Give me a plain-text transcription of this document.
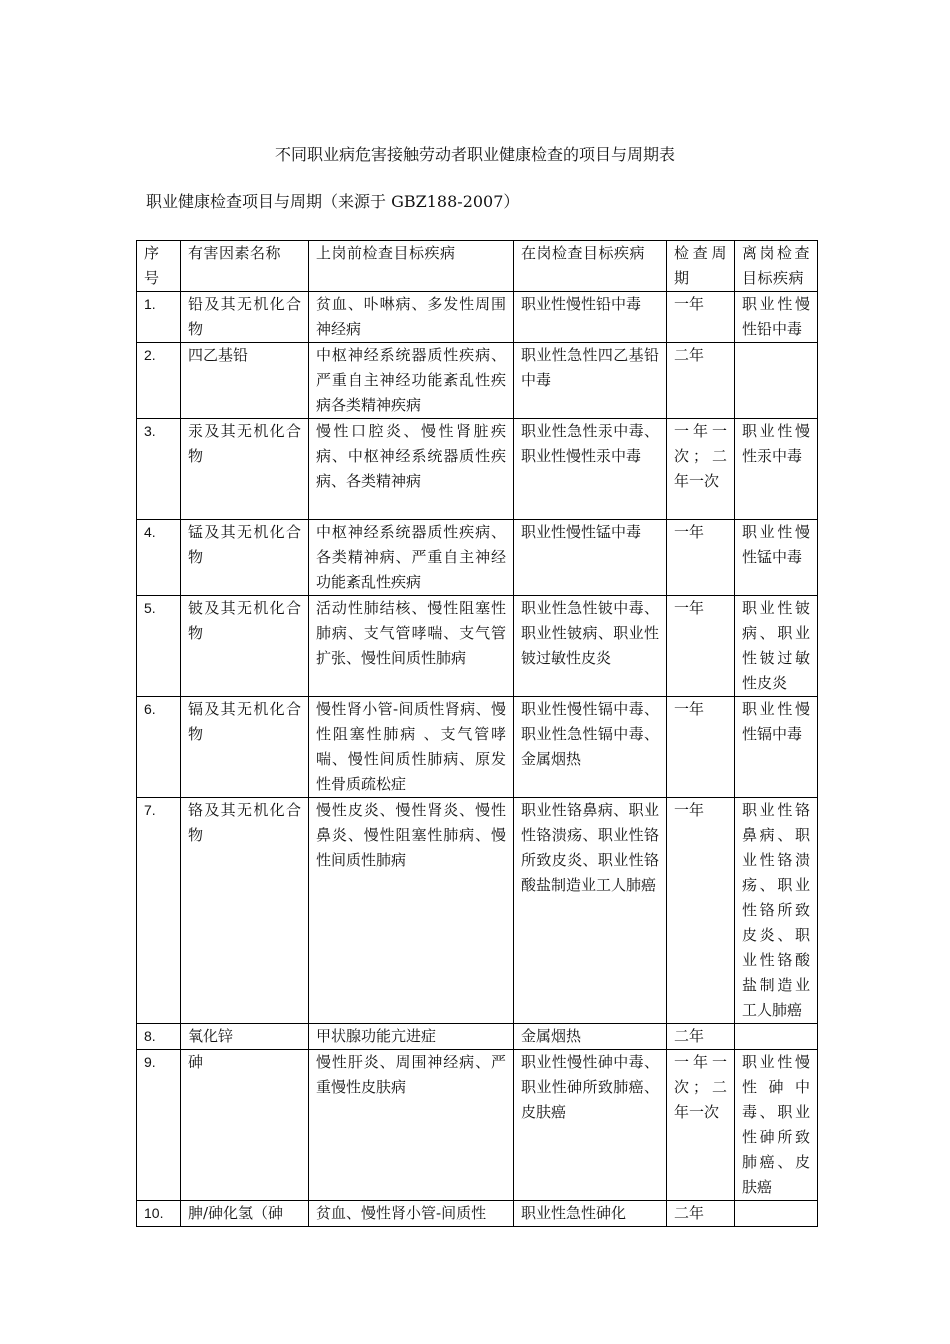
不同职业病危害接触劳动者职业健康检查的项目与周期表
职业健康检查项目与周期（来源于 GBZ188-2007）
序号	有害因素名称	上岗前检查目标疾病	在岗检查目标疾病	检查周期	离岗检查目标疾病
1.	铅及其无机化合物	贫血、卟啉病、多发性周围神经病	职业性慢性铅中毒	一年	职业性慢性铅中毒
2.	四乙基铅	中枢神经系统器质性疾病、严重自主神经功能紊乱性疾病各类精神疾病	职业性急性四乙基铅中毒	二年	
3.	汞及其无机化合物	慢性口腔炎、慢性肾脏疾病、中枢神经系统器质性疾病、各类精神病	职业性急性汞中毒、职业性慢性汞中毒	一年一次；二年一次	职业性慢性汞中毒
4.	锰及其无机化合物	中枢神经系统器质性疾病、各类精神病、严重自主神经功能紊乱性疾病	职业性慢性锰中毒	一年	职业性慢性锰中毒
5.	铍及其无机化合物	活动性肺结核、慢性阻塞性肺病、支气管哮喘、支气管扩张、慢性间质性肺病	职业性急性铍中毒、职业性铍病、职业性铍过敏性皮炎	一年	职业性铍病、职业性铍过敏性皮炎
6.	镉及其无机化合物	慢性肾小管-间质性肾病、慢性阻塞性肺病 、支气管哮喘、慢性间质性肺病、原发性骨质疏松症	职业性慢性镉中毒、 职业性急性镉中毒、金属烟热	一年	职业性慢性镉中毒
7.	铬及其无机化合物	慢性皮炎、慢性肾炎、慢性鼻炎、慢性阻塞性肺病、慢性间质性肺病	职业性铬鼻病、职业性铬溃疡、职业性铬所致皮炎、职业性铬酸盐制造业工人肺癌	一年	职业性铬鼻病、职业性铬溃疡、职业性铬所致皮炎、职业性铬酸盐制造业工人肺癌
8.	氧化锌	甲状腺功能亢进症	金属烟热	二年	
9.	砷	慢性肝炎、周围神经病、严重慢性皮肤病	职业性慢性砷中毒、职业性砷所致肺癌、皮肤癌	一年一次；二年一次	职业性慢性砷中毒、职业性砷所致肺癌、皮肤癌
10.	胂/砷化氢（砷	贫血、慢性肾小管-间质性	职业性急性砷化	二年	
